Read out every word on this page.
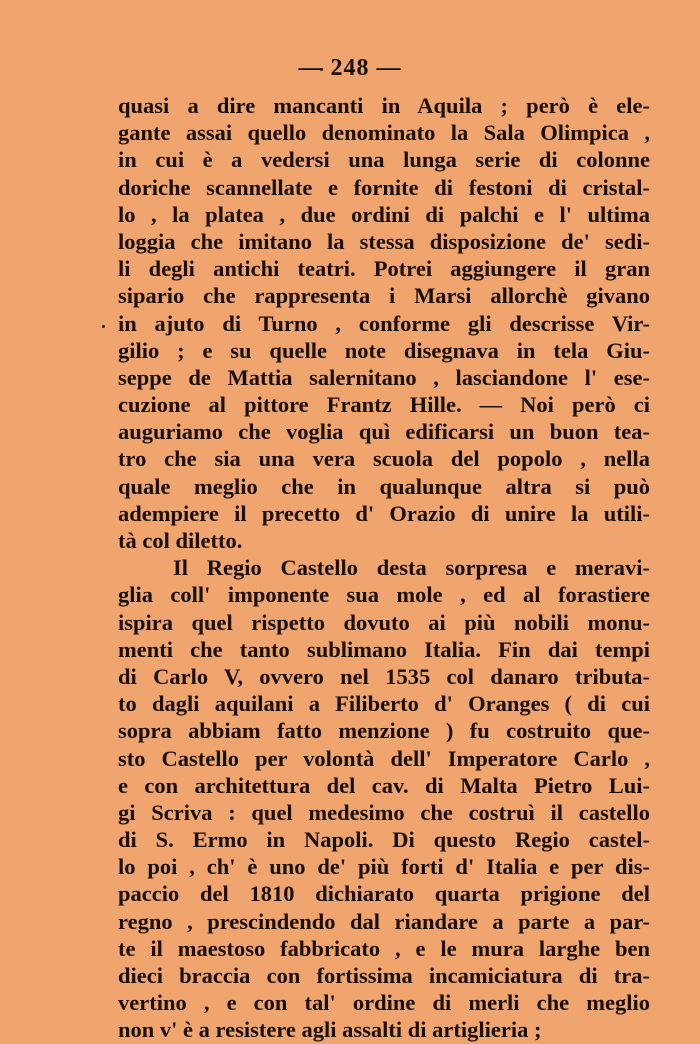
— 248 —
quasi a dire mancanti in Aquila ; però è ele-
gante assai quello denominato la Sala Olimpica ,
in cui è a vedersi una lunga serie di colonne
doriche scannellate e fornite di festoni di cristal-
lo , la platea , due ordini di palchi e l' ultima
loggia che imitano la stessa disposizione de' sedi-
li degli antichi teatri. Potrei aggiungere il gran
sipario che rappresenta i Marsi allorchè givano
in ajuto di Turno , conforme gli descrisse Vir-
gilio ; e su quelle note disegnava in tela Giu-
seppe de Mattia salernitano , lasciandone l' ese-
cuzione al pittore Frantz Hille. — Noi però ci
auguriamo che voglia quì edificarsi un buon tea-
tro che sia una vera scuola del popolo , nella
quale meglio che in qualunque altra si può
adempiere il precetto d' Orazio di unire la utili-
tà col diletto.
Il Regio Castello desta sorpresa e meravi-
glia coll' imponente sua mole , ed al forastiere
ispira quel rispetto dovuto ai più nobili monu-
menti che tanto sublimano Italia. Fin dai tempi
di Carlo V, ovvero nel 1535 col danaro tributa-
to dagli aquilani a Filiberto d' Oranges ( di cui
sopra abbiam fatto menzione ) fu costruito que-
sto Castello per volontà dell' Imperatore Carlo ,
e con architettura del cav. di Malta Pietro Lui-
gi Scriva : quel medesimo che costruì il castello
di S. Ermo in Napoli. Di questo Regio castel-
lo poi , ch' è uno de' più forti d' Italia e per dis-
paccio del 1810 dichiarato quarta prigione del
regno , prescindendo dal riandare a parte a par-
te il maestoso fabbricato , e le mura larghe ben
dieci braccia con fortissima incamiciatura di tra-
vertino , e con tal' ordine di merli che meglio
non v' è a resistere agli assalti di artiglieria ;
